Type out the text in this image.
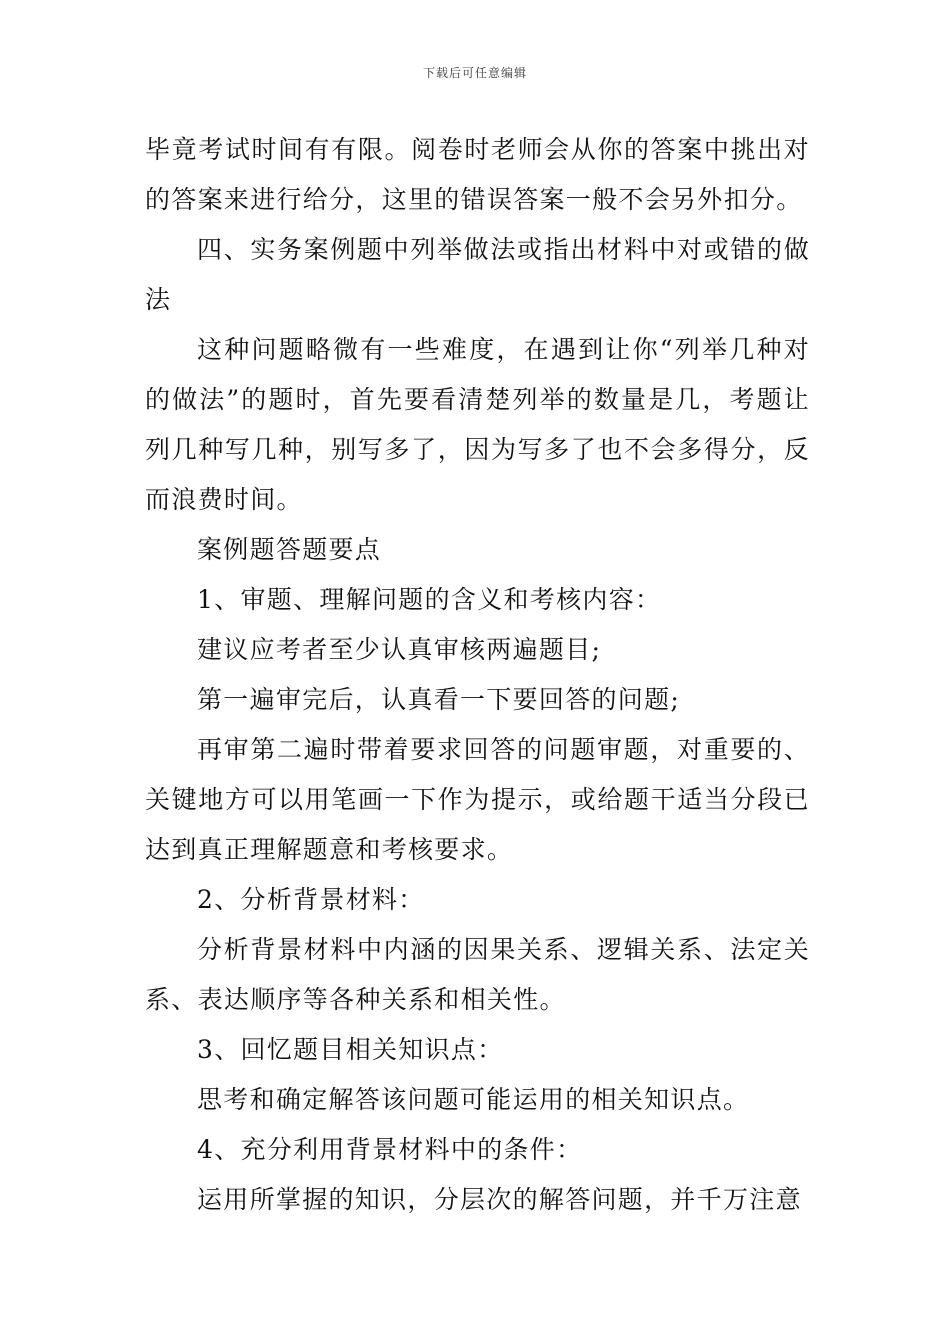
下载后可任意编辑

毕竟考试时间有有限。阅卷时老师会从你的答案中挑出对的答案来进行给分，这里的错误答案一般不会另外扣分。

四、实务案例题中列举做法或指出材料中对或错的做法

这种问题略微有一些难度，在遇到让你“列举几种对的做法”的题时，首先要看清楚列举的数量是几，考题让列几种写几种，别写多了，因为写多了也不会多得分，反而浪费时间。

案例题答题要点

1、审题、理解问题的含义和考核内容：

建议应考者至少认真审核两遍题目;

第一遍审完后，认真看一下要回答的问题;

再审第二遍时带着要求回答的问题审题，对重要的、关键地方可以用笔画一下作为提示，或给题干适当分段已达到真正理解题意和考核要求。

2、分析背景材料：

分析背景材料中内涵的因果关系、逻辑关系、法定关系、表达顺序等各种关系和相关性。

3、回忆题目相关知识点：

思考和确定解答该问题可能运用的相关知识点。

4、充分利用背景材料中的条件：

运用所掌握的知识，分层次的解答问题，并千万注意
